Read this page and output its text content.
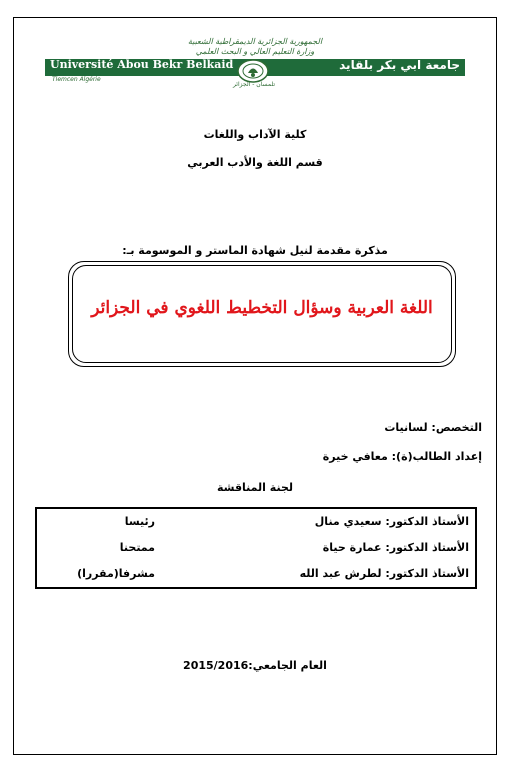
الجمهورية الجزائرية الديمقراطية الشعبية
وزارة التعليم العالي و البحث العلمي
Université Abou Bekr Belkaid
Tlemcen Algérie
جامعة ابي بكر بلقايد
تلمسان - الجزائر
كلية الآداب واللغات
قسم اللغة والأدب العربي
مذكرة مقدمة لنيل شهادة الماستر و الموسومة بـ:
اللغة العربية وسؤال التخطيط اللغوي في الجزائر
التخصص: لسانيات
إعداد الطالب(ة): معافي خيرة
لجنة المناقشة
الأستاذ الدكتور: سعيدي منال
رئيسا
الأستاذ الدكتور: عمارة حياة
ممتحنا
الأستاذ الدكتور: لطرش عبد الله
مشرفا(مقررا)
العام الجامعي:2015/2016
